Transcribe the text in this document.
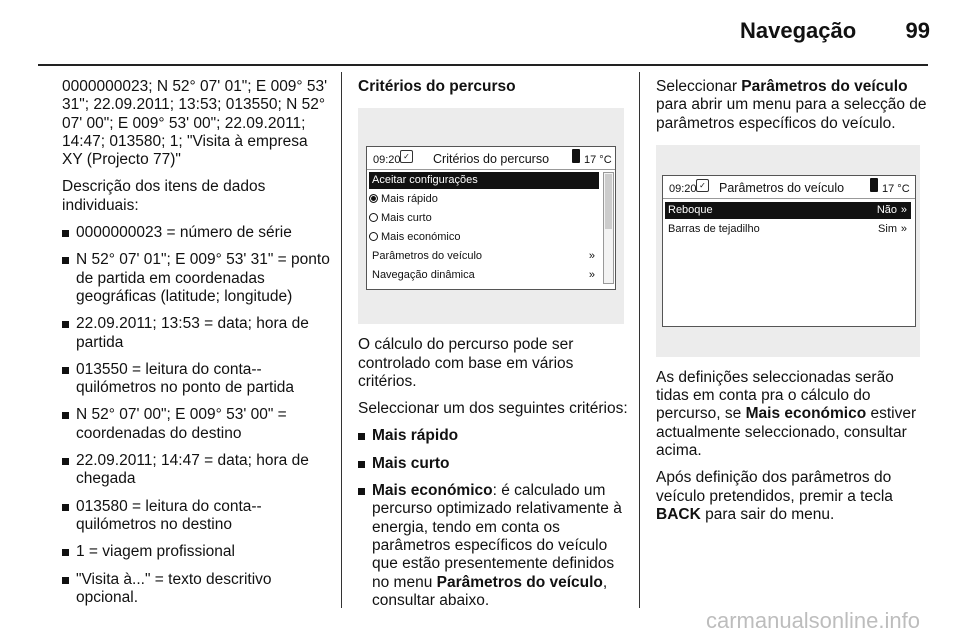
Navegação	99

0000000023; N 52° 07' 01"; E 009° 53' 31"; 22.09.2011; 13:53; 013550; N 52° 07' 00"; E 009° 53' 00"; 22.09.2011; 14:47; 013580; 1; "Visita à empresa XY (Projecto 77)"

Descrição dos itens de dados individuais:

0000000023 = número de série
N 52° 07' 01"; E 009° 53' 31" = ponto de partida em coordenadas geográficas (latitude; longitude)
22.09.2011; 13:53 = data; hora de partida
013550 = leitura do conta--quilómetros no ponto de partida
N 52° 07' 00"; E 009° 53' 00" = coordenadas do destino
22.09.2011; 14:47 = data; hora de chegada
013580 = leitura do conta--quilómetros no destino
1 = viagem profissional
"Visita à..." = texto descritivo opcional.
Critérios do percurso
09:20 ✓ Critérios do percurso	17 °C
Aceitar configurações
Mais rápido
Mais curto
Mais económico
Parâmetros do veículo	»
Navegação dinâmica	»

O cálculo do percurso pode ser controlado com base em vários critérios.

Seleccionar um dos seguintes critérios:

Mais rápido
Mais curto
Mais económico: é calculado um percurso optimizado relativamente à energia, tendo em conta os parâmetros específicos do veículo que estão presentemente definidos no menu Parâmetros do veículo, consultar abaixo.

Seleccionar Parâmetros do veículo para abrir um menu para a selecção de parâmetros específicos do veículo.

09:20 ✓ Parâmetros do veículo	17 °C
Reboque	Não »
Barras de tejadilho	Sim »

As definições seleccionadas serão tidas em conta pra o cálculo do percurso, se Mais económico estiver actualmente seleccionado, consultar acima.

Após definição dos parâmetros do veículo pretendidos, premir a tecla BACK para sair do menu.

carmanualsonline.info
